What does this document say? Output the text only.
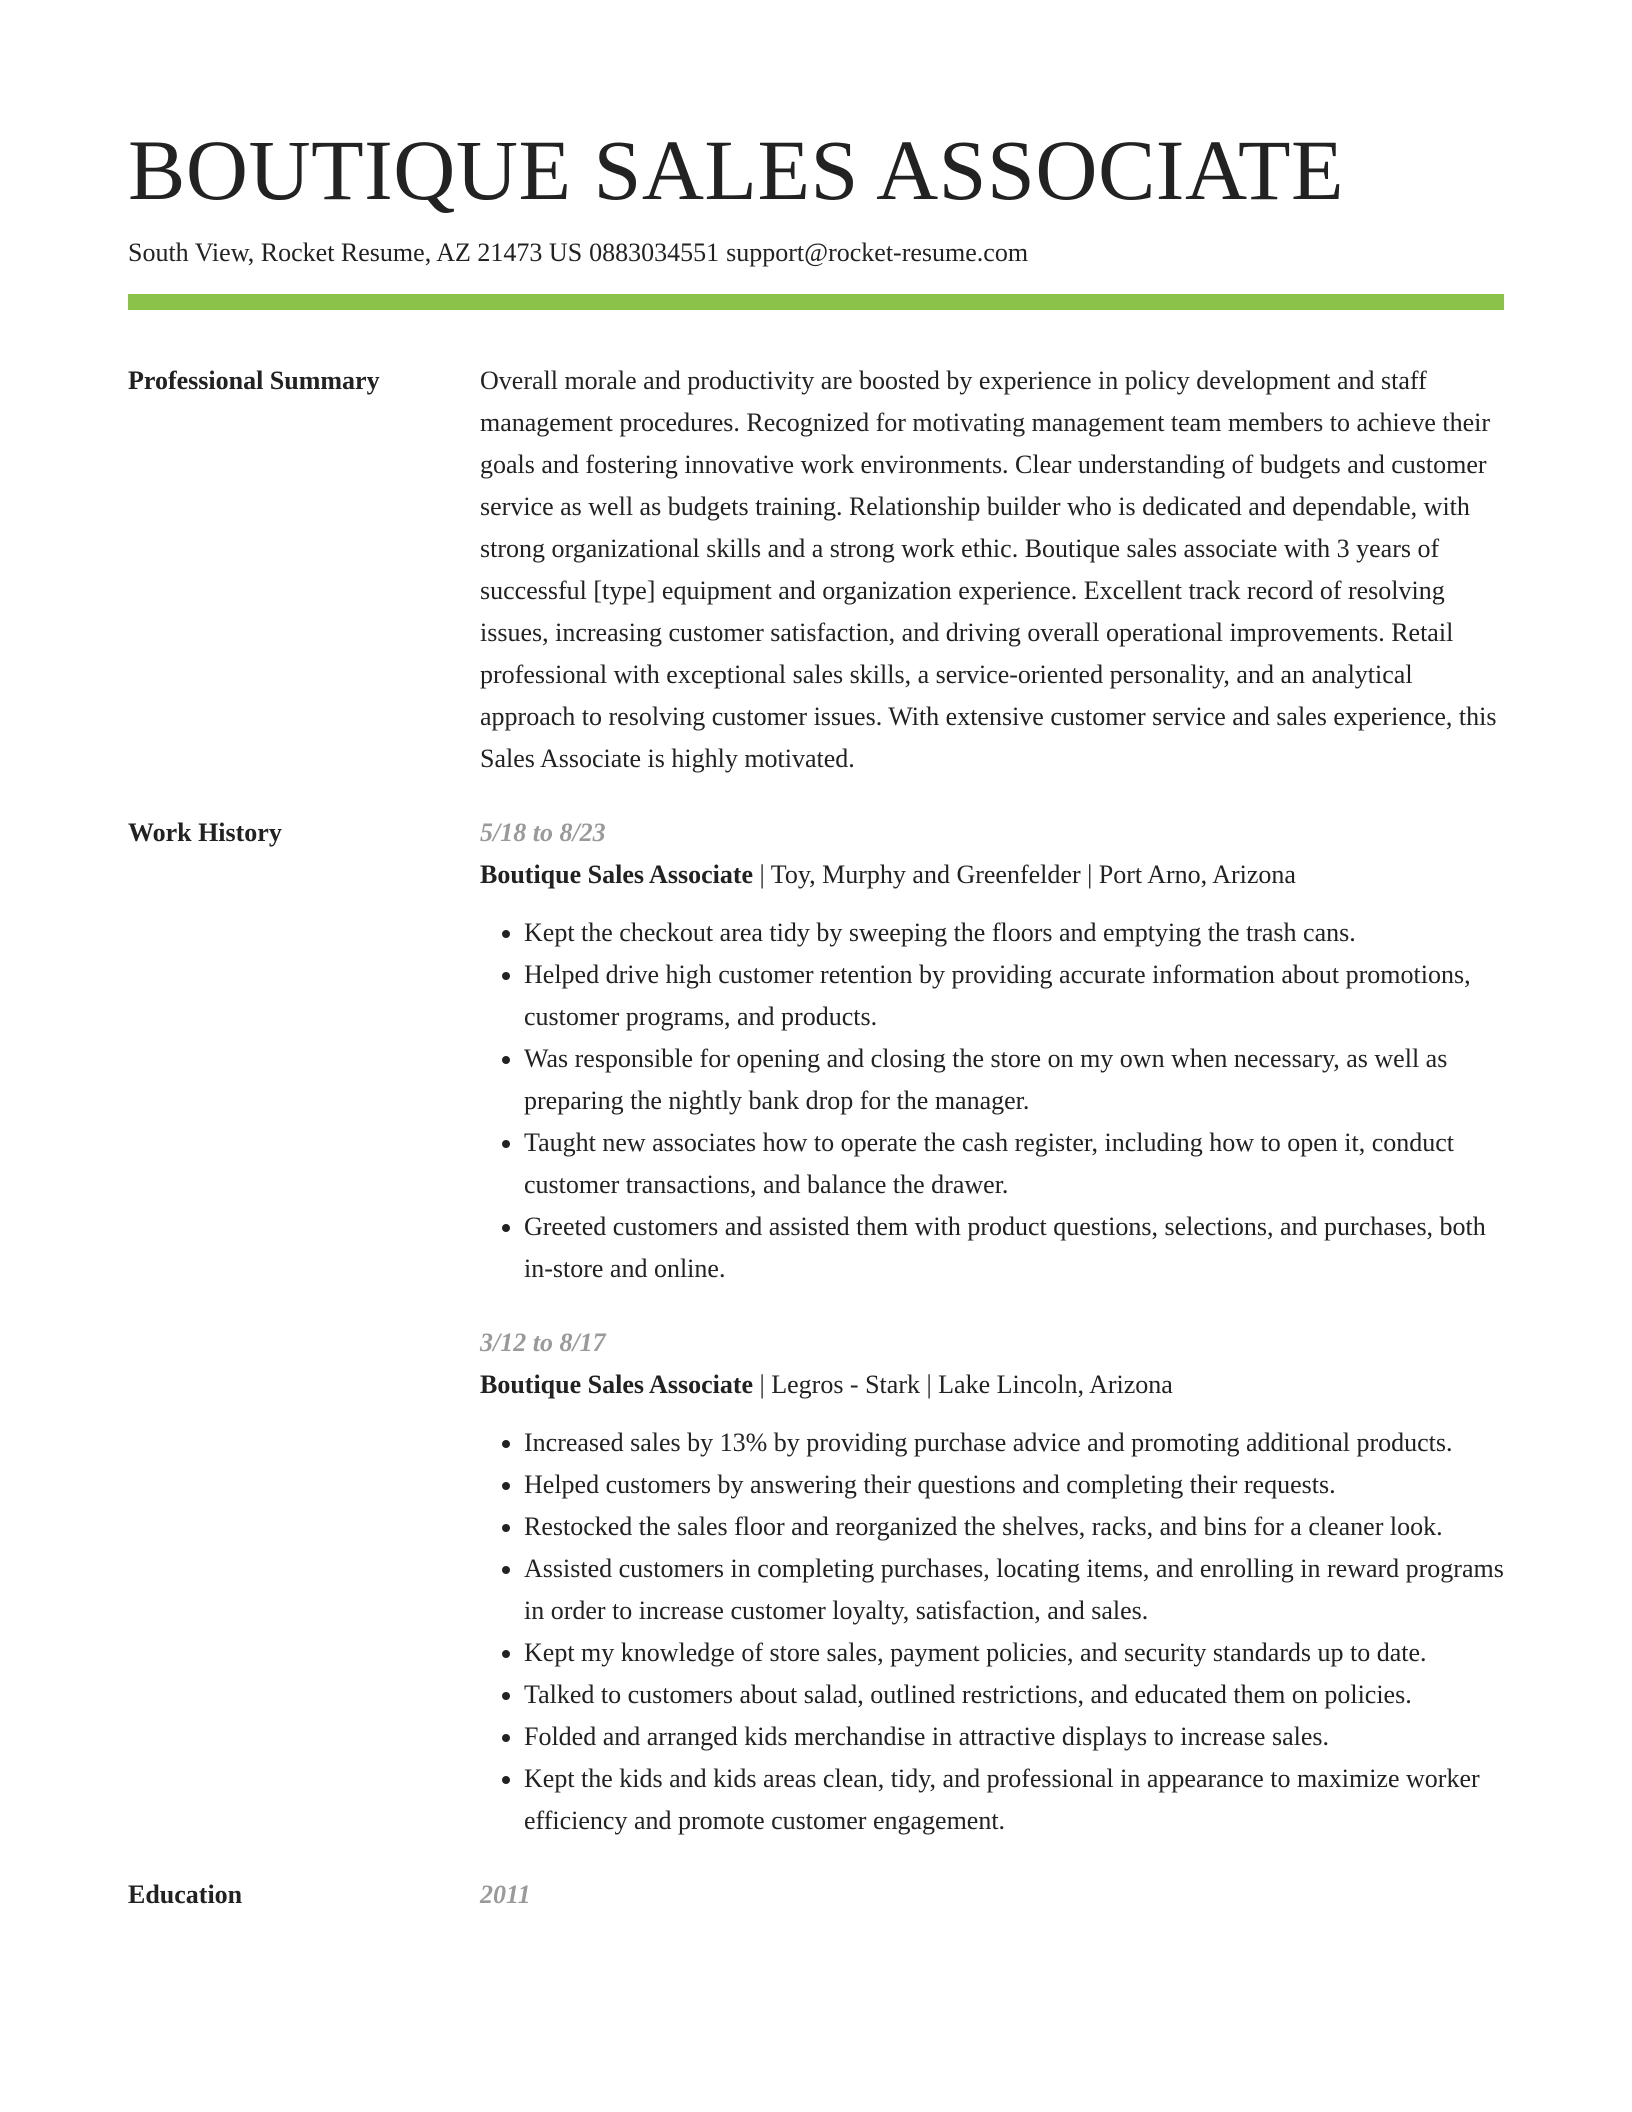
BOUTIQUE SALES ASSOCIATE
South View, Rocket Resume, AZ 21473 US 0883034551 support@rocket-resume.com
Professional Summary	Overall morale and productivity are boosted by experience in policy development and staff management procedures. Recognized for motivating management team members to achieve their goals and fostering innovative work environments. Clear understanding of budgets and customer service as well as budgets training. Relationship builder who is dedicated and dependable, with strong organizational skills and a strong work ethic. Boutique sales associate with 3 years of successful [type] equipment and organization experience. Excellent track record of resolving issues, increasing customer satisfaction, and driving overall operational improvements. Retail professional with exceptional sales skills, a service-oriented personality, and an analytical approach to resolving customer issues. With extensive customer service and sales experience, this Sales Associate is highly motivated.
Work History	5/18 to 8/23
Boutique Sales Associate | Toy, Murphy and Greenfelder | Port Arno, Arizona
• Kept the checkout area tidy by sweeping the floors and emptying the trash cans.
• Helped drive high customer retention by providing accurate information about promotions, customer programs, and products.
• Was responsible for opening and closing the store on my own when necessary, as well as preparing the nightly bank drop for the manager.
• Taught new associates how to operate the cash register, including how to open it, conduct customer transactions, and balance the drawer.
• Greeted customers and assisted them with product questions, selections, and purchases, both in-store and online.
3/12 to 8/17
Boutique Sales Associate | Legros - Stark | Lake Lincoln, Arizona
• Increased sales by 13% by providing purchase advice and promoting additional products.
• Helped customers by answering their questions and completing their requests.
• Restocked the sales floor and reorganized the shelves, racks, and bins for a cleaner look.
• Assisted customers in completing purchases, locating items, and enrolling in reward programs in order to increase customer loyalty, satisfaction, and sales.
• Kept my knowledge of store sales, payment policies, and security standards up to date.
• Talked to customers about salad, outlined restrictions, and educated them on policies.
• Folded and arranged kids merchandise in attractive displays to increase sales.
• Kept the kids and kids areas clean, tidy, and professional in appearance to maximize worker efficiency and promote customer engagement.
Education	2011
